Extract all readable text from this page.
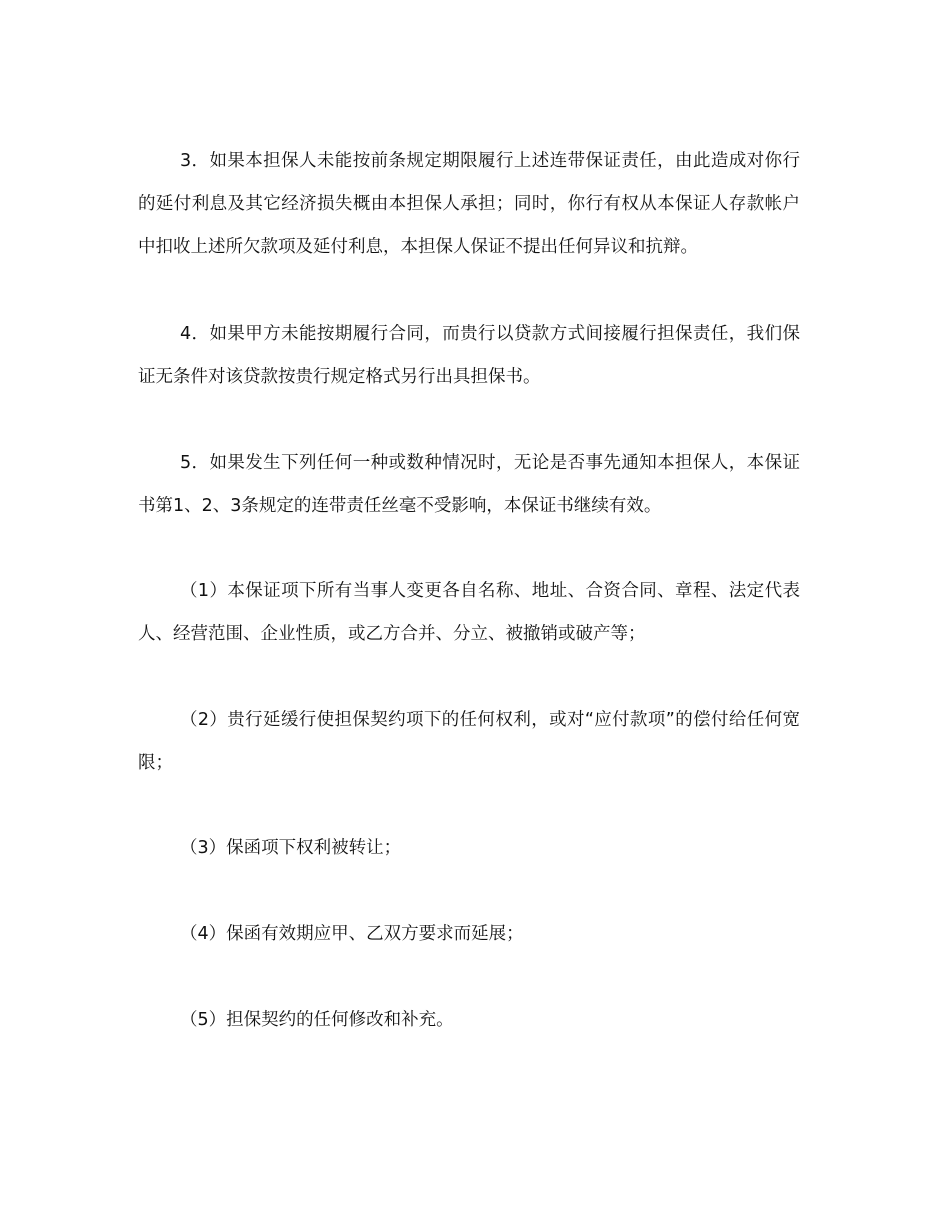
3．如果本担保人未能按前条规定期限履行上述连带保证责任，由此造成对你行的延付利息及其它经济损失概由本担保人承担；同时，你行有权从本保证人存款帐户中扣收上述所欠款项及延付利息，本担保人保证不提出任何异议和抗辩。

4．如果甲方未能按期履行合同，而贵行以贷款方式间接履行担保责任，我们保证无条件对该贷款按贵行规定格式另行出具担保书。

5．如果发生下列任何一种或数种情况时，无论是否事先通知本担保人，本保证书第1、2、3条规定的连带责任丝毫不受影响，本保证书继续有效。

（1）本保证项下所有当事人变更各自名称、地址、合资合同、章程、法定代表人、经营范围、企业性质，或乙方合并、分立、被撤销或破产等；

（2）贵行延缓行使担保契约项下的任何权利，或对“应付款项”的偿付给任何宽限；

（3）保函项下权利被转让；

（4）保函有效期应甲、乙双方要求而延展；

（5）担保契约的任何修改和补充。
